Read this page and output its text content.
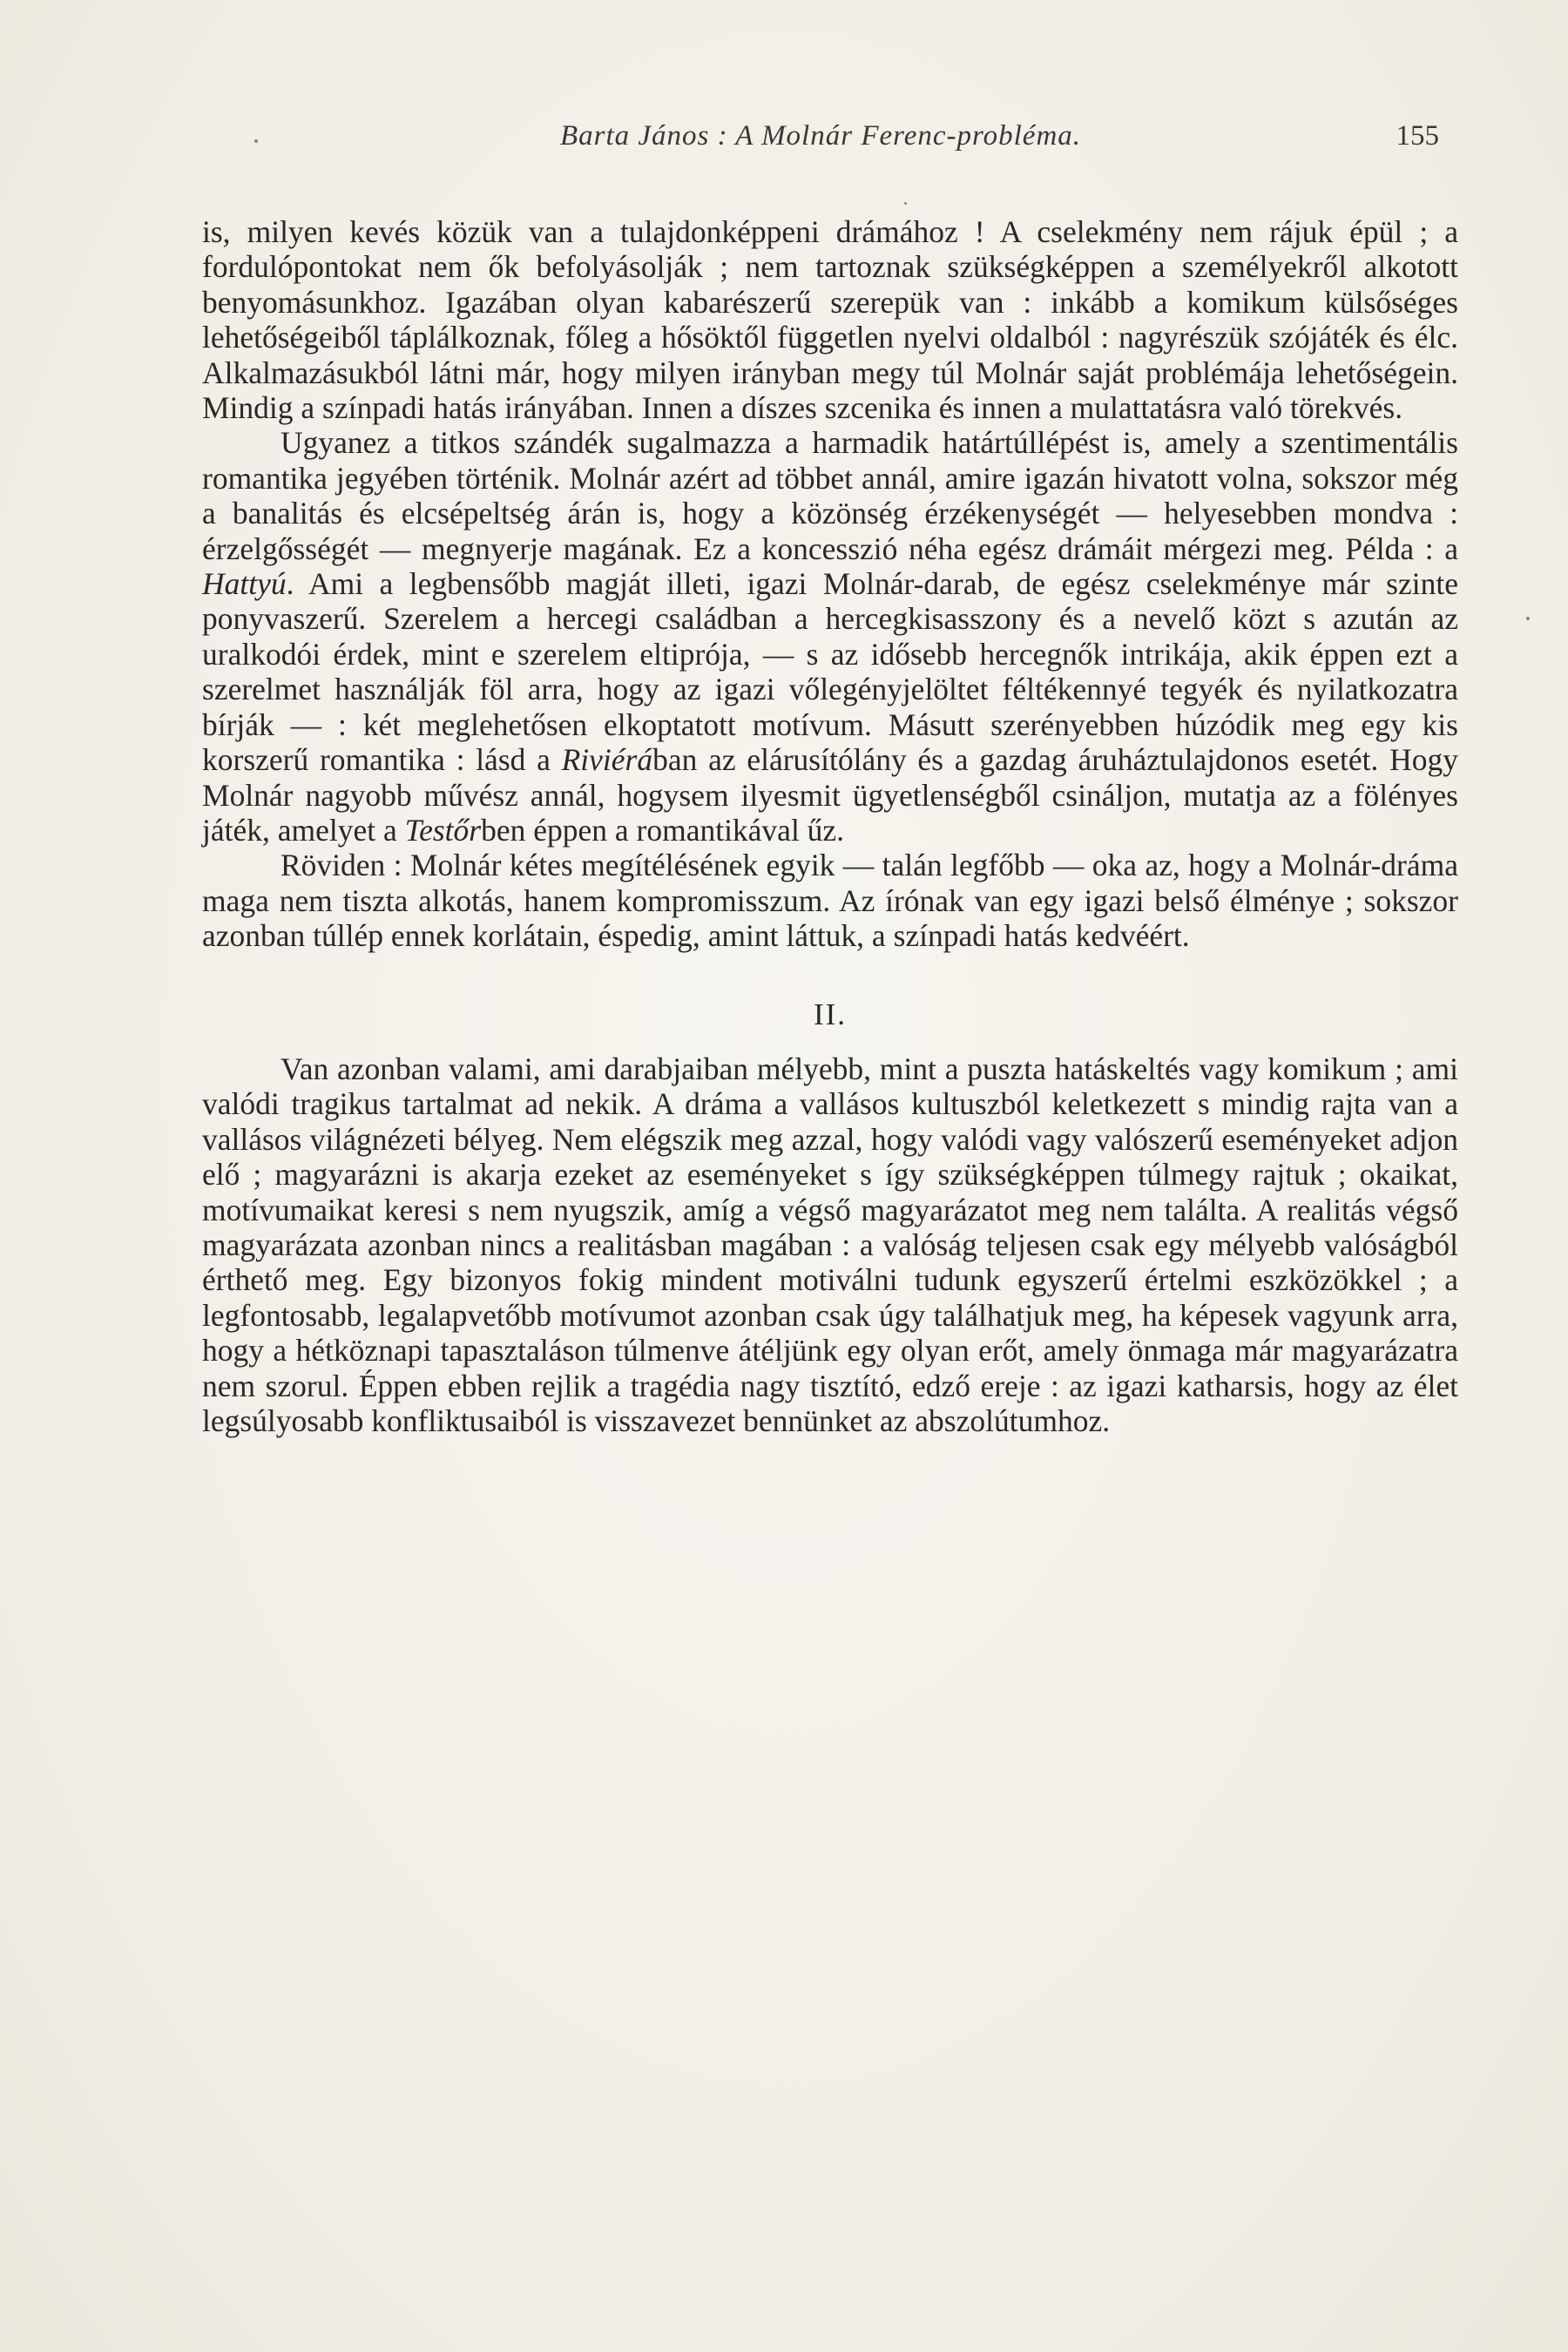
Barta János : A Molnár Ferenc-probléma.	155

is, milyen kevés közük van a tulajdonképpeni drámához ! A cselekmény nem rájuk épül ; a fordulópontokat nem ők befolyásolják ; nem tartoznak szükségképpen a személyekről alkotott benyomásunkhoz. Igazában olyan kabarészerű szerepük van : inkább a komikum külsőséges lehetőségeiből táplálkoznak, főleg a hősöktől független nyelvi oldalból : nagyrészük szójáték és élc. Alkalmazásukból látni már, hogy milyen irányban megy túl Molnár saját problémája lehetőségein. Mindig a színpadi hatás irányában. Innen a díszes szcenika és innen a mulattatásra való törekvés.

Ugyanez a titkos szándék sugalmazza a harmadik határtúllépést is, amely a szentimentális romantika jegyében történik. Molnár azért ad többet annál, amire igazán hivatott volna, sokszor még a banalitás és elcsépeltség árán is, hogy a közönség érzékenységét — helyesebben mondva : érzelgősségét — megnyerje magának. Ez a koncesszió néha egész drámáit mérgezi meg. Példa : a Hattyú. Ami a legbensőbb magját illeti, igazi Molnár-darab, de egész cselekménye már szinte ponyvaszerű. Szerelem a hercegi családban a hercegkisasszony és a nevelő közt s azután az uralkodói érdek, mint e szerelem eltiprója, — s az idősebb hercegnők intrikája, akik éppen ezt a szerelmet használják föl arra, hogy az igazi vőlegényjelöltet féltékennyé tegyék és nyilatkozatra bírják — : két meglehetősen elkoptatott motívum. Másutt szerényebben húzódik meg egy kis korszerű romantika : lásd a Riviérában az elárusítólány és a gazdag áruháztulajdonos esetét. Hogy Molnár nagyobb művész annál, hogysem ilyesmit ügyetlenségből csináljon, mutatja az a fölényes játék, amelyet a Testőrben éppen a romantikával űz.

Röviden : Molnár kétes megítélésének egyik — talán legfőbb — oka az, hogy a Molnár-dráma maga nem tiszta alkotás, hanem kompromisszum. Az írónak van egy igazi belső élménye ; sokszor azonban túllép ennek korlátain, éspedig, amint láttuk, a színpadi hatás kedvéért.

II.

Van azonban valami, ami darabjaiban mélyebb, mint a puszta hatáskeltés vagy komikum ; ami valódi tragikus tartalmat ad nekik. A dráma a vallásos kultuszból keletkezett s mindig rajta van a vallásos világnézeti bélyeg. Nem elégszik meg azzal, hogy valódi vagy valószerű eseményeket adjon elő ; magyarázni is akarja ezeket az eseményeket s így szükségképpen túlmegy rajtuk ; okaikat, motívumaikat keresi s nem nyugszik, amíg a végső magyarázatot meg nem találta. A realitás végső magyarázata azonban nincs a realitásban magában : a valóság teljesen csak egy mélyebb valóságból érthető meg. Egy bizonyos fokig mindent motiválni tudunk egyszerű értelmi eszközökkel ; a legfontosabb, legalapvetőbb motívumot azonban csak úgy találhatjuk meg, ha képesek vagyunk arra, hogy a hétköznapi tapasztaláson túlmenve átéljünk egy olyan erőt, amely önmaga már magyarázatra nem szorul. Éppen ebben rejlik a tragédia nagy tisztító, edző ereje : az igazi katharsis, hogy az élet legsúlyosabb konfliktusaiból is visszavezet bennünket az abszolútumhoz.
